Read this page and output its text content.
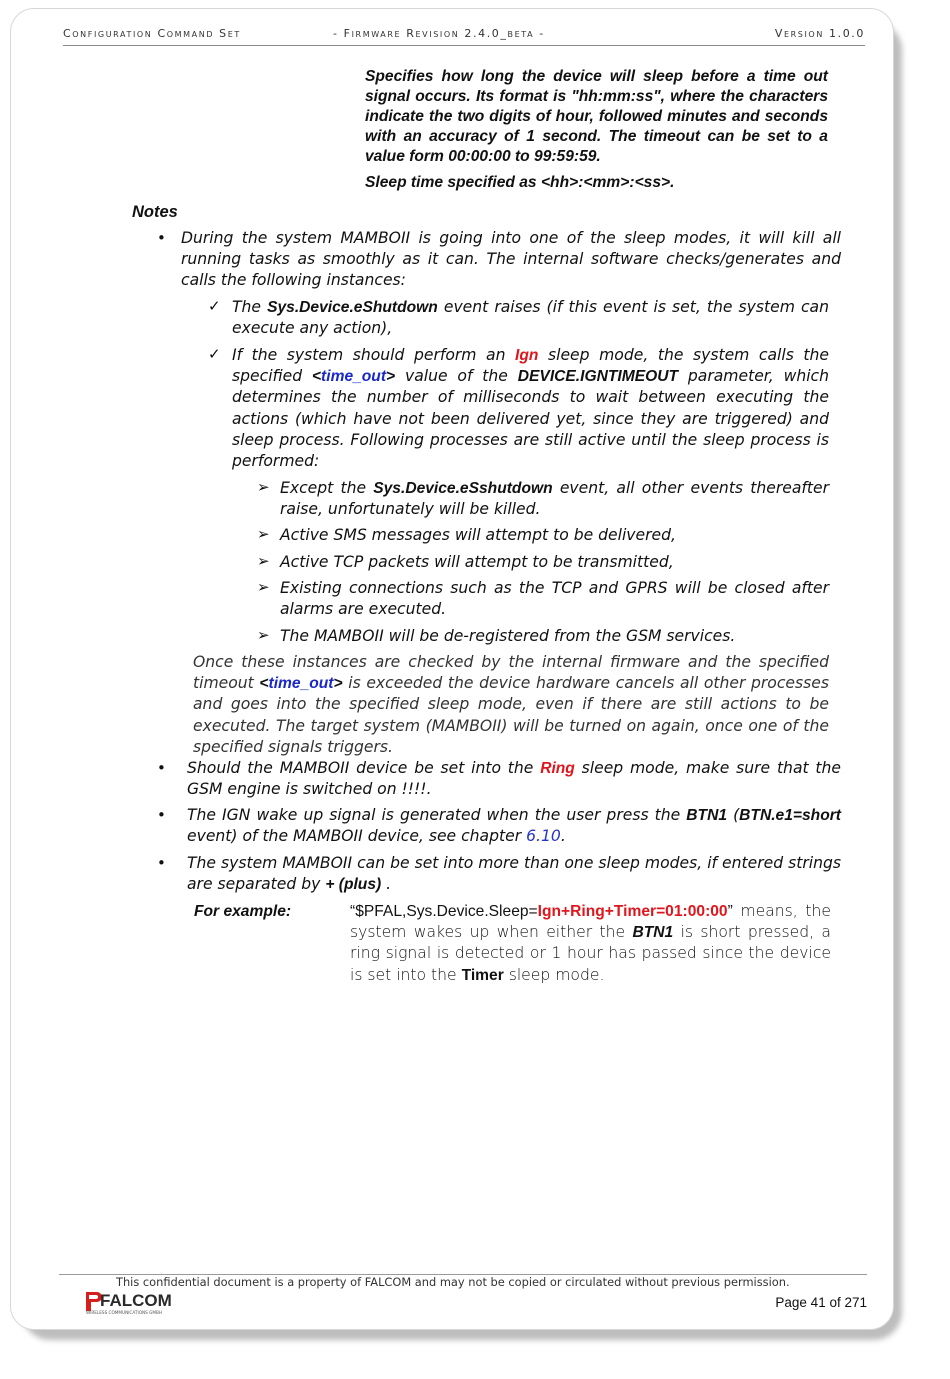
Configuration Command Set	- Firmware Revision 2.4.0_beta -	Version 1.0.0
Specifies how long the device will sleep before a time out signal occurs. Its format is "hh:mm:ss", where the characters indicate the two digits of hour, followed minutes and seconds with an accuracy of 1 second. The timeout can be set to a value form 00:00:00 to 99:59:59.
Sleep time specified as <hh>:<mm>:<ss>.
Notes
• During the system MAMBOII is going into one of the sleep modes, it will kill all running tasks as smoothly as it can. The internal software checks/generates and calls the following instances:
✓ The Sys.Device.eShutdown event raises (if this event is set, the system can execute any action),
✓ If the system should perform an Ign sleep mode, the system calls the specified <time_out> value of the DEVICE.IGNTIMEOUT parameter, which determines the number of milliseconds to wait between executing the actions (which have not been delivered yet, since they are triggered) and sleep process. Following processes are still active until the sleep process is performed:
➢ Except the Sys.Device.eSshutdown event, all other events thereafter raise, unfortunately will be killed.
➢ Active SMS messages will attempt to be delivered,
➢ Active TCP packets will attempt to be transmitted,
➢ Existing connections such as the TCP and GPRS will be closed after alarms are executed.
➢ The MAMBOII will be de-registered from the GSM services.
Once these instances are checked by the internal firmware and the specified timeout <time_out> is exceeded the device hardware cancels all other processes and goes into the specified sleep mode, even if there are still actions to be executed. The target system (MAMBOII) will be turned on again, once one of the specified signals triggers.
• Should the MAMBOII device be set into the Ring sleep mode, make sure that the GSM engine is switched on !!!!.
• The IGN wake up signal is generated when the user press the BTN1 (BTN.e1=short event) of the MAMBOII device, see chapter 6.10.
• The system MAMBOII can be set into more than one sleep modes, if entered strings are separated by + (plus) .
For example:	“$PFAL,Sys.Device.Sleep=Ign+Ring+Timer=01:00:00” means, the system wakes up when either the BTN1 is short pressed, a ring signal is detected or 1 hour has passed since the device is set into the Timer sleep mode.
This confidential document is a property of FALCOM and may not be copied or circulated without previous permission.
FALCOM
WIRELESS COMMUNICATIONS GMBH
Page 41 of 271
